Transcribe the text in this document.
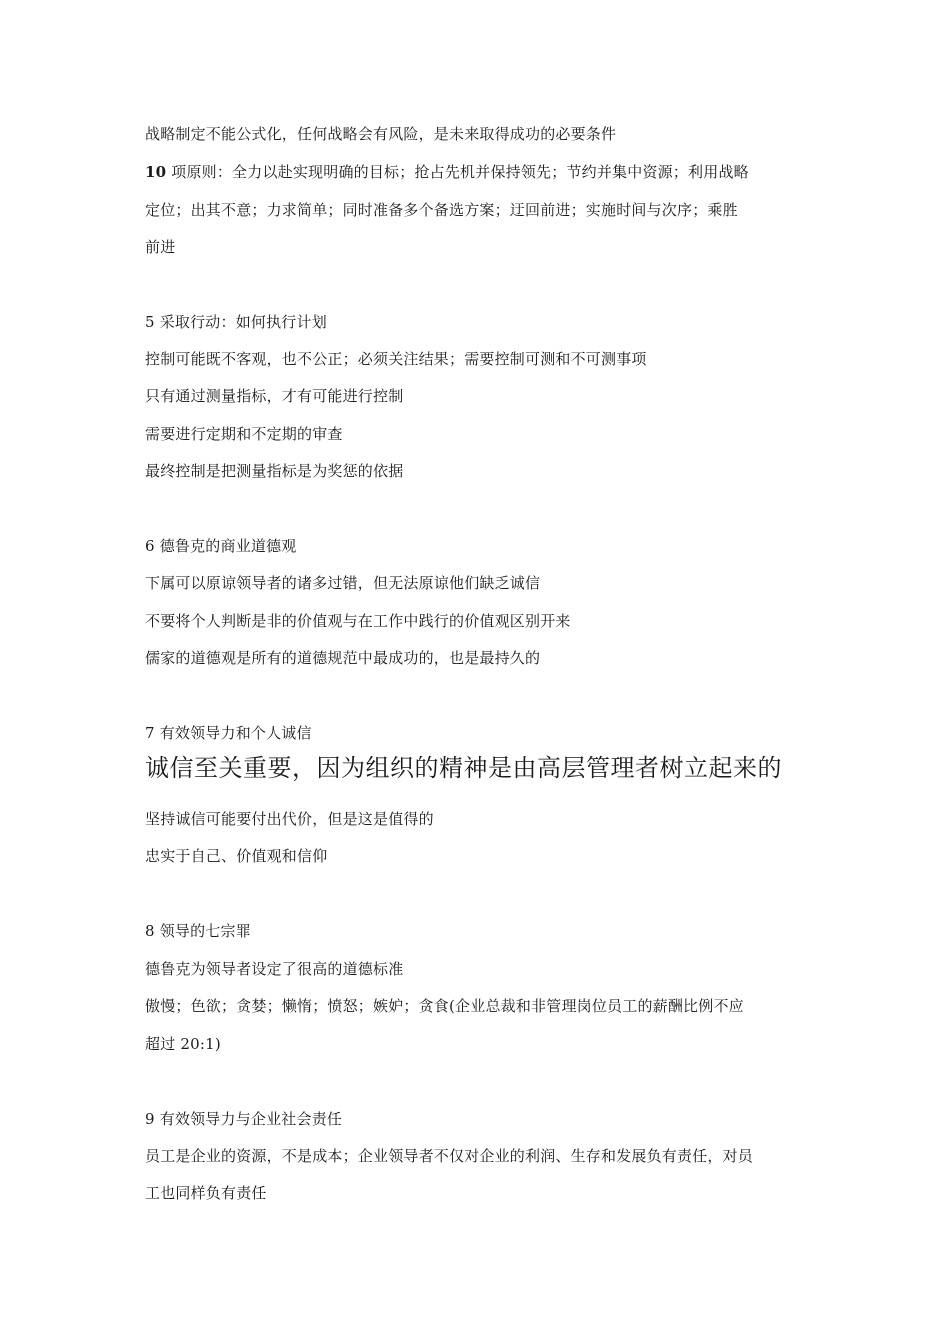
战略制定不能公式化，任何战略会有风险，是未来取得成功的必要条件
10 项原则：全力以赴实现明确的目标；抢占先机并保持领先；节约并集中资源；利用战略
定位；出其不意；力求简单；同时准备多个备选方案；迂回前进；实施时间与次序；乘胜
前进
5 采取行动：如何执行计划
控制可能既不客观，也不公正；必须关注结果；需要控制可测和不可测事项
只有通过测量指标，才有可能进行控制
需要进行定期和不定期的审查
最终控制是把测量指标是为奖惩的依据
6 德鲁克的商业道德观
下属可以原谅领导者的诸多过错，但无法原谅他们缺乏诚信
不要将个人判断是非的价值观与在工作中践行的价值观区别开来
儒家的道德观是所有的道德规范中最成功的，也是最持久的
7 有效领导力和个人诚信
诚信至关重要，因为组织的精神是由高层管理者树立起来的
坚持诚信可能要付出代价，但是这是值得的
忠实于自己、价值观和信仰
8 领导的七宗罪
德鲁克为领导者设定了很高的道德标准
傲慢；色欲；贪婪；懒惰；愤怒；嫉妒；贪食(企业总裁和非管理岗位员工的薪酬比例不应
超过 20:1)
9 有效领导力与企业社会责任
员工是企业的资源，不是成本；企业领导者不仅对企业的利润、生存和发展负有责任，对员
工也同样负有责任
